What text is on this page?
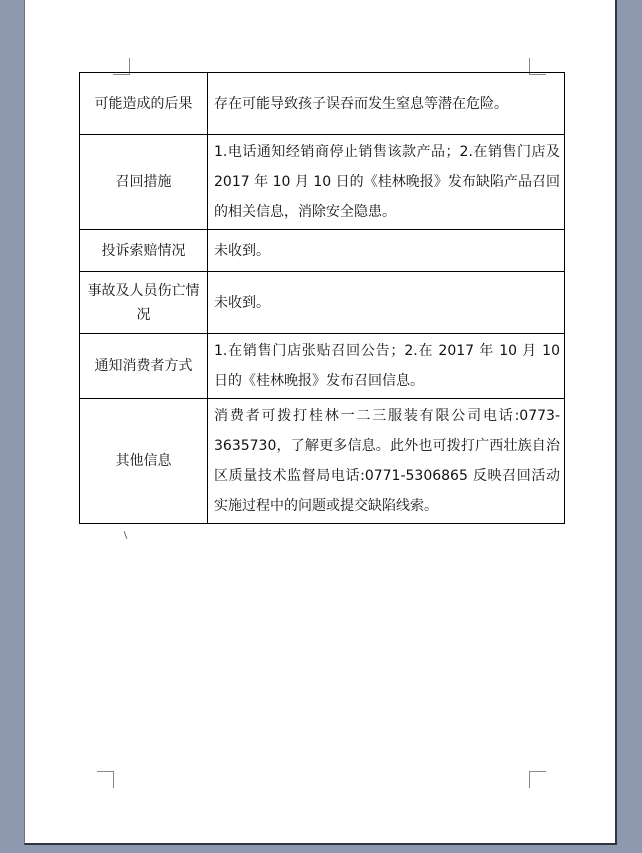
可能造成的后果	存在可能导致孩子误吞而发生窒息等潜在危险。
召回措施	1.电话通知经销商停止销售该款产品；2.在销售门店及 2017 年 10 月 10 日的《桂林晚报》发布缺陷产品召回的相关信息，消除安全隐患。
投诉索赔情况	未收到。
事故及人员伤亡情况	未收到。
通知消费者方式	1.在销售门店张贴召回公告；2.在 2017 年 10 月 10 日的《桂林晚报》发布召回信息。
其他信息	消费者可拨打桂林一二三服装有限公司电话:0773-3635730，了解更多信息。此外也可拨打广西壮族自治区质量技术监督局电话:0771-5306865 反映召回活动实施过程中的问题或提交缺陷线索。
